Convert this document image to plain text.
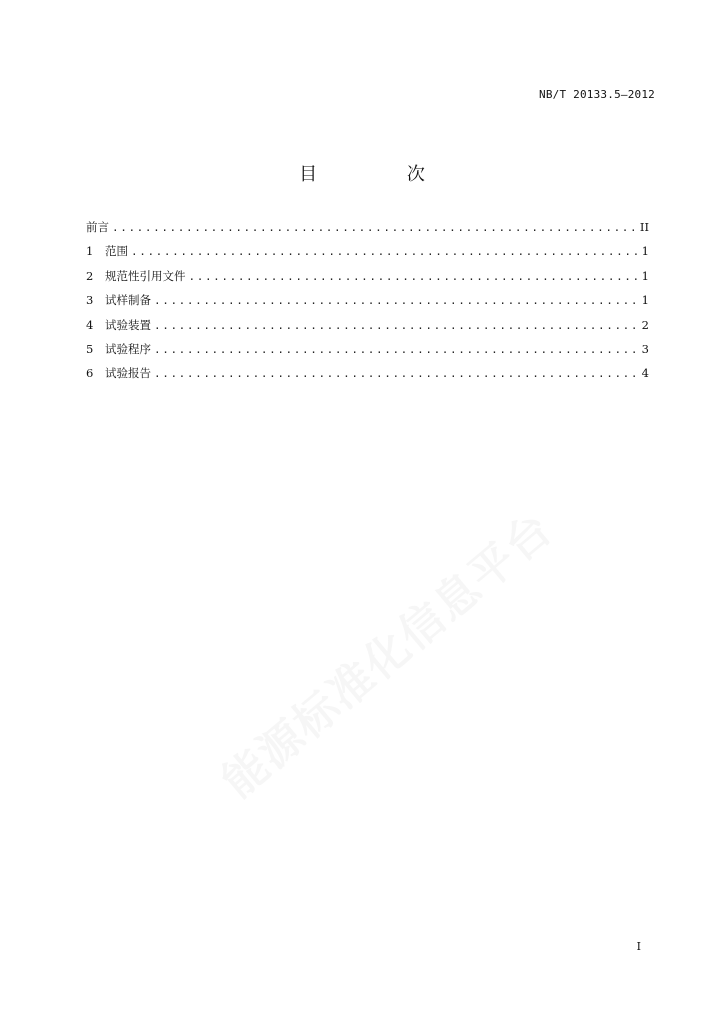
NB/T 20133.5—2012
目 次
前言 .....	II
1	范围 .....	1
2	规范性引用文件 .....	1
3	试样制备 .....	1
4	试验装置 .....	2
5	试验程序 .....	3
6	试验报告 .....	4
能源标准化信息平台
I
